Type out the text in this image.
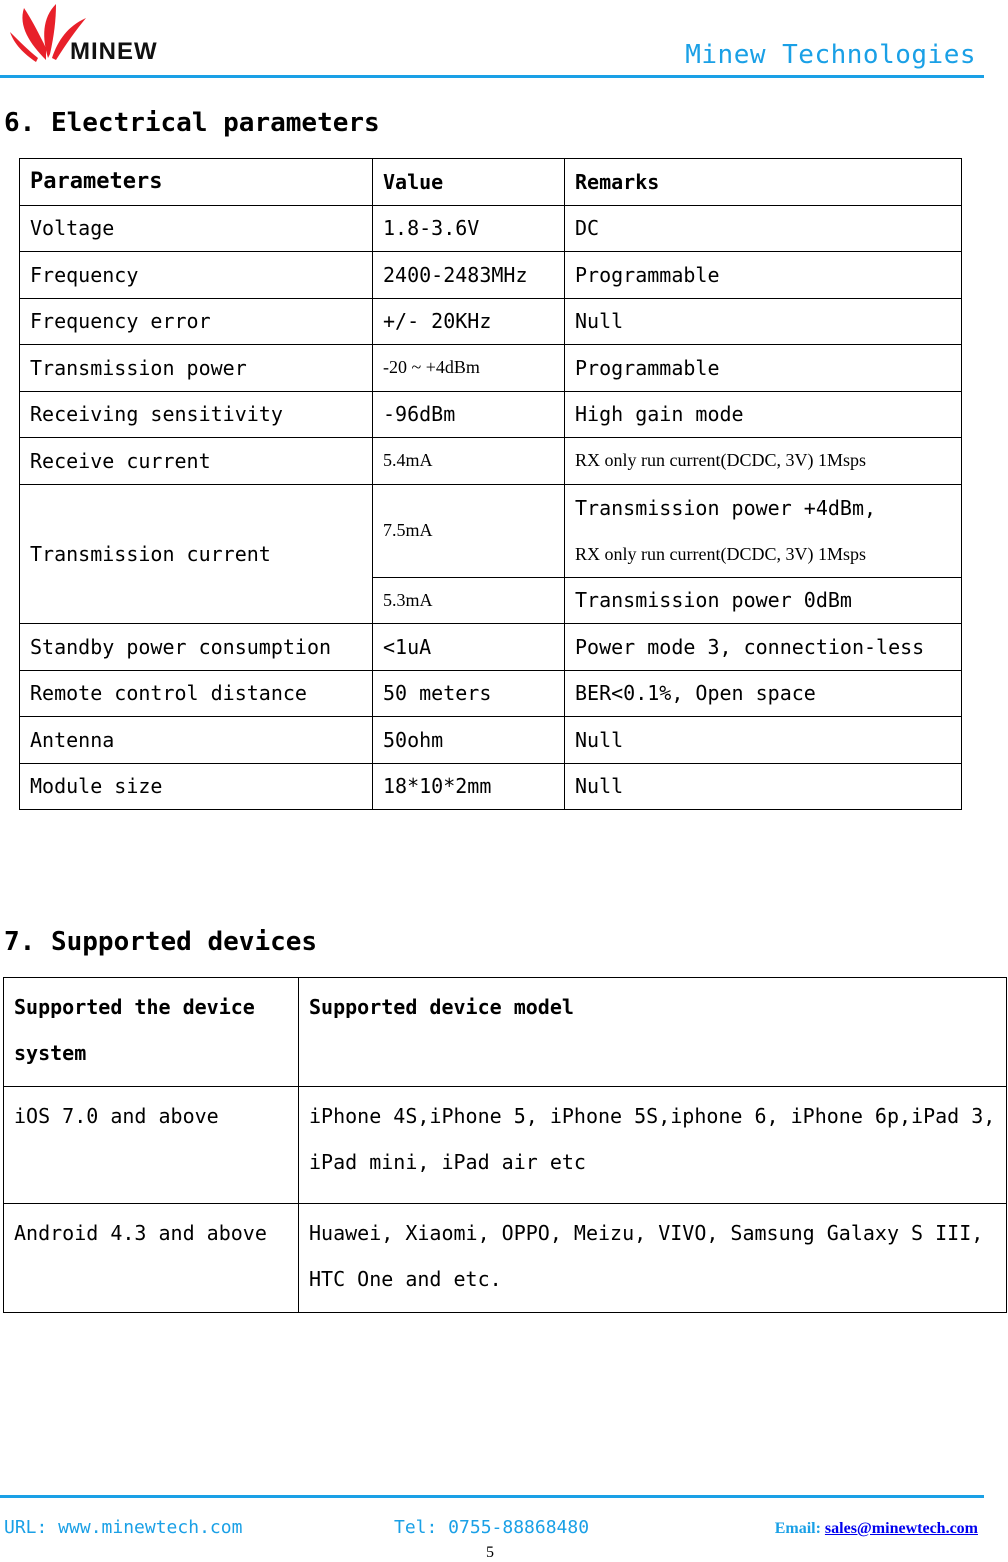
MINEW	Minew Technologies
6. Electrical parameters
Parameters	Value	Remarks
Voltage	1.8-3.6V	DC
Frequency	2400-2483MHz	Programmable
Frequency error	+/- 20KHz	Null
Transmission power	-20 ~ +4dBm	Programmable
Receiving sensitivity	-96dBm	High gain mode
Receive current	5.4mA	RX only run current(DCDC, 3V) 1Msps
Transmission current	7.5mA	Transmission power +4dBm,
RX only run current(DCDC, 3V) 1Msps

	5.3mA	Transmission power 0dBm
Standby power consumption	<1uA	Power mode 3, connection-less
Remote control distance	50 meters	BER<0.1%, Open space
Antenna	50ohm	Null
Module size	18*10*2mm	Null
7. Supported devices
Supported the device system	Supported device model
iOS 7.0 and above	iPhone 4S,iPhone 5, iPhone 5S,iphone 6, iPhone 6p,iPad 3, iPad mini, iPad air etc
Android 4.3 and above	Huawei, Xiaomi, OPPO, Meizu, VIVO, Samsung Galaxy S III, HTC One and etc.
URL: www.minewtech.com	Tel: 0755-88868480	Email: sales@minewtech.com
5
